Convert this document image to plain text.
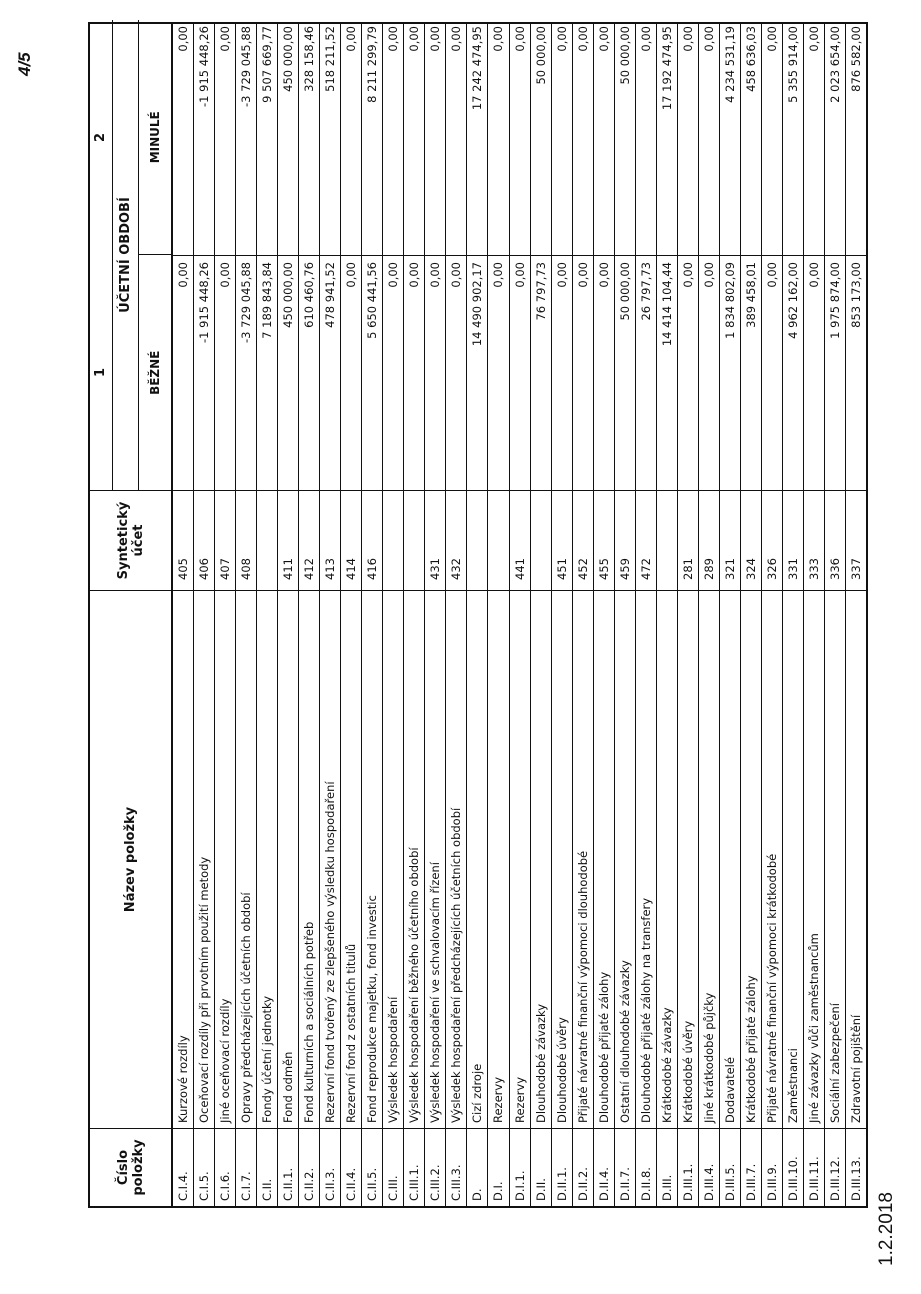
4/5
Číslo položky
Název položky
Syntetický účet
1
2
ÚČETNÍ OBDOBÍ
BĚŽNÉ
MINULÉ
C.I.4.
Kurzové rozdíly
405
0,00
0,00
C.I.5.
Oceňovací rozdíly při prvotním použití metody
406
-1 915 448,26
-1 915 448,26
C.I.6.
Jiné oceňovací rozdíly
407
0,00
0,00
C.I.7.
Opravy předcházejících účetních období
408
-3 729 045,88
-3 729 045,88
C.II.
Fondy účetní jednotky
7 189 843,84
9 507 669,77
C.II.1.
Fond odměn
411
450 000,00
450 000,00
C.II.2.
Fond kulturních a sociálních potřeb
412
610 460,76
328 158,46
C.II.3.
Rezervní fond tvořený ze zlepšeného výsledku hospodaření
413
478 941,52
518 211,52
C.II.4.
Rezervní fond z ostatních titulů
414
0,00
0,00
C.II.5.
Fond reprodukce majetku, fond investic
416
5 650 441,56
8 211 299,79
C.III.
Výsledek hospodaření
0,00
0,00
C.III.1.
Výsledek hospodaření běžného účetního období
0,00
0,00
C.III.2.
Výsledek hospodaření ve schvalovacím řízení
431
0,00
0,00
C.III.3.
Výsledek hospodaření předcházejících účetních období
432
0,00
0,00
D.
Cizí zdroje
14 490 902,17
17 242 474,95
D.I.
Rezervy
0,00
0,00
D.I.1.
Rezervy
441
0,00
0,00
D.II.
Dlouhodobé závazky
76 797,73
50 000,00
D.II.1.
Dlouhodobé úvěry
451
0,00
0,00
D.II.2.
Přijaté návratné finanční výpomoci dlouhodobé
452
0,00
0,00
D.II.4.
Dlouhodobé přijaté zálohy
455
0,00
0,00
D.II.7.
Ostatní dlouhodobé závazky
459
50 000,00
50 000,00
D.II.8.
Dlouhodobé přijaté zálohy na transfery
472
26 797,73
0,00
D.III.
Krátkodobé závazky
14 414 104,44
17 192 474,95
D.III.1.
Krátkodobé úvěry
281
0,00
0,00
D.III.4.
Jiné krátkodobé půjčky
289
0,00
0,00
D.III.5.
Dodavatelé
321
1 834 802,09
4 234 531,19
D.III.7.
Krátkodobé přijaté zálohy
324
389 458,01
458 636,03
D.III.9.
Přijaté návratné finanční výpomoci krátkodobé
326
0,00
0,00
D.III.10.
Zaměstnanci
331
4 962 162,00
5 355 914,00
D.III.11.
Jiné závazky vůči zaměstnancům
333
0,00
0,00
D.III.12.
Sociální zabezpečení
336
1 975 874,00
2 023 654,00
D.III.13.
Zdravotní pojištění
337
853 173,00
876 582,00
1.2.2018
